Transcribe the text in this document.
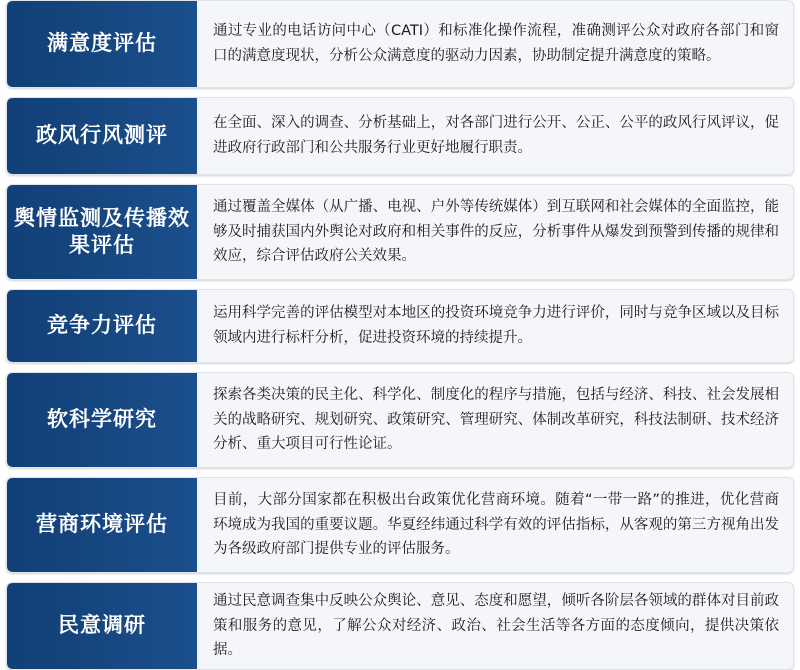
满意度评估

通过专业的电话访问中心（CATI）和标准化操作流程，准确测评公众对政府各部门和窗口的满意度现状，分析公众满意度的驱动力因素，协助制定提升满意度的策略。

政风行风测评

在全面、深入的调查、分析基础上，对各部门进行公开、公正、公平的政风行风评议，促进政府行政部门和公共服务行业更好地履行职责。

舆情监测及传播效果评估

通过覆盖全媒体（从广播、电视、户外等传统媒体）到互联网和社会媒体的全面监控，能够及时捕获国内外舆论对政府和相关事件的反应，分析事件从爆发到预警到传播的规律和效应，综合评估政府公关效果。

竞争力评估

运用科学完善的评估模型对本地区的投资环境竞争力进行评价，同时与竞争区域以及目标领域内进行标杆分析，促进投资环境的持续提升。

软科学研究

探索各类决策的民主化、科学化、制度化的程序与措施，包括与经济、科技、社会发展相关的战略研究、规划研究、政策研究、管理研究、体制改革研究，科技法制研、技术经济分析、重大项目可行性论证。

营商环境评估

目前，大部分国家都在积极出台政策优化营商环境。随着“一带一路”的推进，优化营商环境成为我国的重要议题。华夏经纬通过科学有效的评估指标，从客观的第三方视角出发为各级政府部门提供专业的评估服务。

民意调研

通过民意调查集中反映公众舆论、意见、态度和愿望，倾听各阶层各领域的群体对目前政策和服务的意见，了解公众对经济、政治、社会生活等各方面的态度倾向，提供决策依据。
